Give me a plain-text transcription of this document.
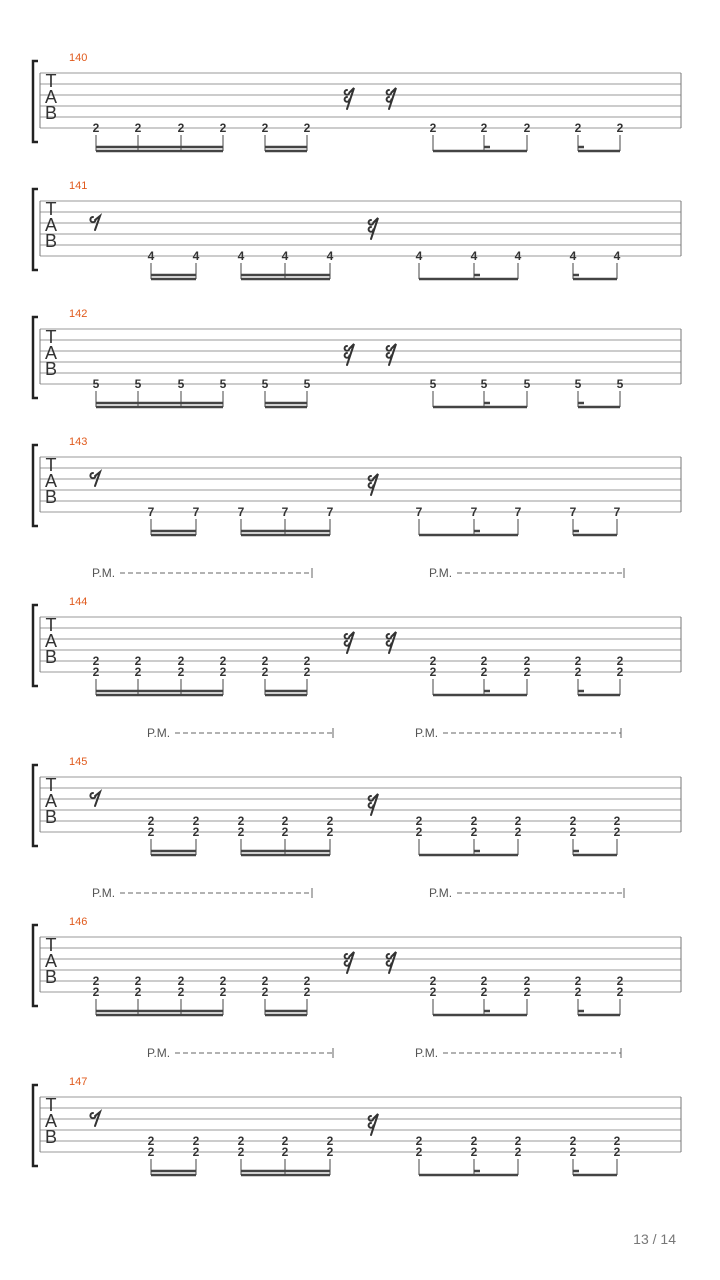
140
T
A
B
2	2	2	2	2	2	2	2	2	2	2
141
T
A
B
4	4	4	4	4	4	4	4	4	4
142
T
A
B
5	5	5	5	5	5	5	5	5	5	5
143
T
A
B
7	7	7	7	7	7	7	7	7	7
P.M.	P.M.
144
T
A
B	2
2
2
2
2
2
2
2
2
2
2
2
2
2
2
2
2
2
2
2
2
2
P.M.	P.M.
145
T
A
B	2
2
2
2
2
2
2
2
2
2
2
2
2
2
2
2
2
2
2
2
P.M.	P.M.
146
T
A
B	2
2
2
2
2
2
2
2
2
2
2
2
2
2
2
2
2
2
2
2
2
2
P.M.	P.M.
147
T
A
B	2
2
2
2
2
2
2
2
2
2
2
2
2
2
2
2
2
2
2
2
13 / 14
